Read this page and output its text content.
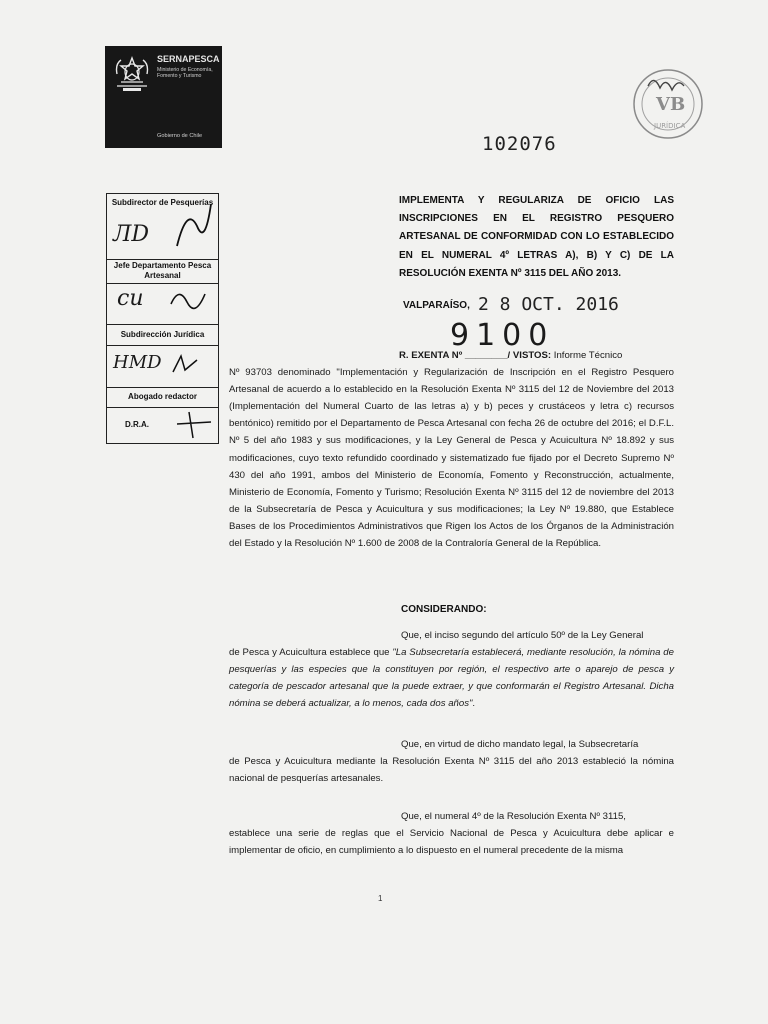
SERNAPESCA
Ministerio de Economía, Fomento y Turismo
Gobierno de Chile
VB
JURÍDICA
102076
Subdirector de Pesquerías
ЛD
Jefe Departamento Pesca Artesanal
cu
Subdirección Jurídica
HMD
Abogado redactor
D.R.A.
IMPLEMENTA Y REGULARIZA DE OFICIO LAS INSCRIPCIONES EN EL REGISTRO PESQUERO ARTESANAL DE CONFORMIDAD CON LO ESTABLECIDO EN EL NUMERAL 4º LETRAS A), B) Y C) DE LA RESOLUCIÓN EXENTA Nº 3115 DEL AÑO 2013.
VALPARAÍSO, 2 8 OCT. 2016
9100
R. EXENTA Nº ________/ VISTOS: Informe Técnico
Nº 93703 denominado "Implementación y Regularización de Inscripción en el Registro Pesquero Artesanal de acuerdo a lo establecido en la Resolución Exenta Nº 3115 del 12 de Noviembre del 2013 (Implementación del Numeral Cuarto de las letras a) y b) peces y crustáceos y letra c) recursos bentónico) remitido por el Departamento de Pesca Artesanal con fecha 26 de octubre del 2016; el D.F.L. Nº 5 del año 1983 y sus modificaciones, y la Ley General de Pesca y Acuicultura Nº 18.892 y sus modificaciones, cuyo texto refundido coordinado y sistematizado fue fijado por el Decreto Supremo Nº 430 del año 1991, ambos del Ministerio de Economía, Fomento y Reconstrucción, actualmente, Ministerio de Economía, Fomento y Turismo; Resolución Exenta Nº 3115 del 12 de noviembre del 2013 de la Subsecretaría de Pesca y Acuicultura y sus modificaciones; la Ley Nº 19.880, que Establece Bases de los Procedimientos Administrativos que Rigen los Actos de los Órganos de la Administración del Estado y la Resolución Nº 1.600 de 2008 de la Contraloría General de la República.
CONSIDERANDO:
Que, el inciso segundo del artículo 50º de la Ley General
de Pesca y Acuicultura establece que "La Subsecretaría establecerá, mediante resolución, la nómina de pesquerías y las especies que la constituyen por región, el respectivo arte o aparejo de pesca y categoría de pescador artesanal que la puede extraer, y que conformarán el Registro Artesanal. Dicha nómina se deberá actualizar, a lo menos, cada dos años".
Que, en virtud de dicho mandato legal, la Subsecretaría
de Pesca y Acuicultura mediante la Resolución Exenta Nº 3115 del año 2013 estableció la nómina nacional de pesquerías artesanales.
Que, el numeral 4º de la Resolución Exenta Nº 3115,
establece una serie de reglas que el Servicio Nacional de Pesca y Acuicultura debe aplicar e implementar de oficio, en cumplimiento a lo dispuesto en el numeral precedente de la misma
1
